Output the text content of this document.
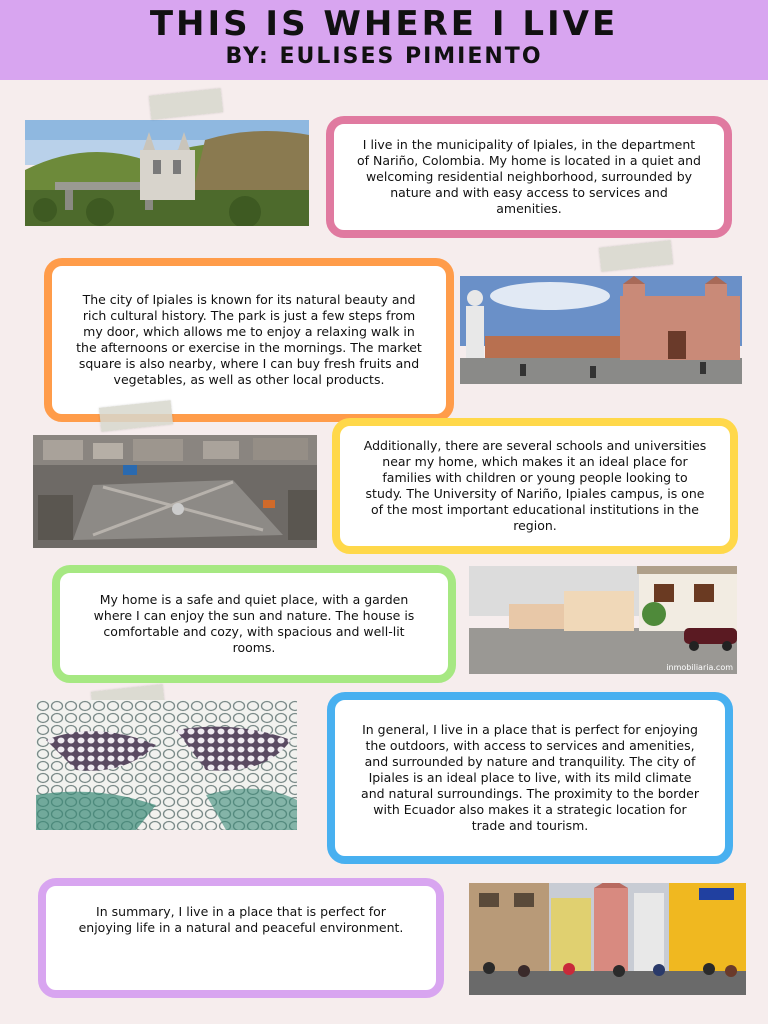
THIS IS WHERE I LIVE
BY: EULISES PIMIENTO
I live in the municipality of Ipiales, in the department of Nariño, Colombia. My home is located in a quiet and welcoming residential neighborhood, surrounded by nature and with easy access to services and amenities.
The city of Ipiales is known for its natural beauty and rich cultural history. The park is just a few steps from my door, which allows me to enjoy a relaxing walk in the afternoons or exercise in the mornings. The market square is also nearby, where I can buy fresh fruits and vegetables, as well as other local products.
Additionally, there are several schools and universities near my home, which makes it an ideal place for families with children or young people looking to study. The University of Nariño, Ipiales campus, is one of the most important educational institutions in the region.
My home is a safe and quiet place, with a garden where I can enjoy the sun and nature. The house is comfortable and cozy, with spacious and well-lit rooms.
inmobiliaria.com
In general, I live in a place that is perfect for enjoying the outdoors, with access to services and amenities, and surrounded by nature and tranquility. The city of Ipiales is an ideal place to live, with its mild climate and natural surroundings. The proximity to the border with Ecuador also makes it a strategic location for trade and tourism.
In summary, I live in a place that is perfect for enjoying life in a natural and peaceful environment.
